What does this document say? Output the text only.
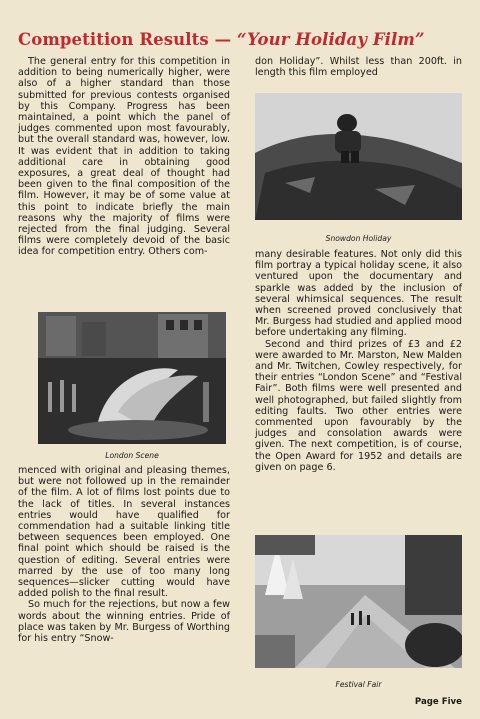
Competition Results — “Your Holiday Film”

The general entry for this competition in addition to being numerically higher, were also of a higher standard than those submitted for previous contests organised by this Company. Progress has been maintained, a point which the panel of judges commented upon most favourably, but the overall standard was, however, low. It was evident that in addition to taking additional care in obtaining good exposures, a great deal of thought had been given to the final composition of the film. However, it may be of some value at this point to indicate briefly the main reasons why the majority of films were rejected from the final judging. Several films were completely devoid of the basic idea for competition entry. Others com-

London Scene

menced with original and pleasing themes, but were not followed up in the remainder of the film. A lot of films lost points due to the lack of titles. In several instances entries would have qualified for commendation had a suitable linking title between sequences been employed. One final point which should be raised is the question of editing. Several entries were marred by the use of too many long sequences—slicker cutting would have added polish to the final result.

So much for the rejections, but now a few words about the winning entries. Pride of place was taken by Mr. Burgess of Worthing for his entry “Snow-

don Holiday”. Whilst less than 200ft. in length this film employed

Snowdon Holiday

many desirable features. Not only did this film portray a typical holiday scene, it also ventured upon the documentary and sparkle was added by the inclusion of several whimsical sequences. The result when screened proved conclusively that Mr. Burgess had studied and applied mood before undertaking any filming.

Second and third prizes of £3 and £2 were awarded to Mr. Marston, New Malden and Mr. Twitchen, Cowley respectively, for their entries “London Scene” and “Festival Fair”. Both films were well presented and well photographed, but failed slightly from editing faults. Two other entries were commented upon favourably by the judges and consolation awards were given. The next competition, is of course, the Open Award for 1952 and details are given on page 6.

Festival Fair
Page Five
